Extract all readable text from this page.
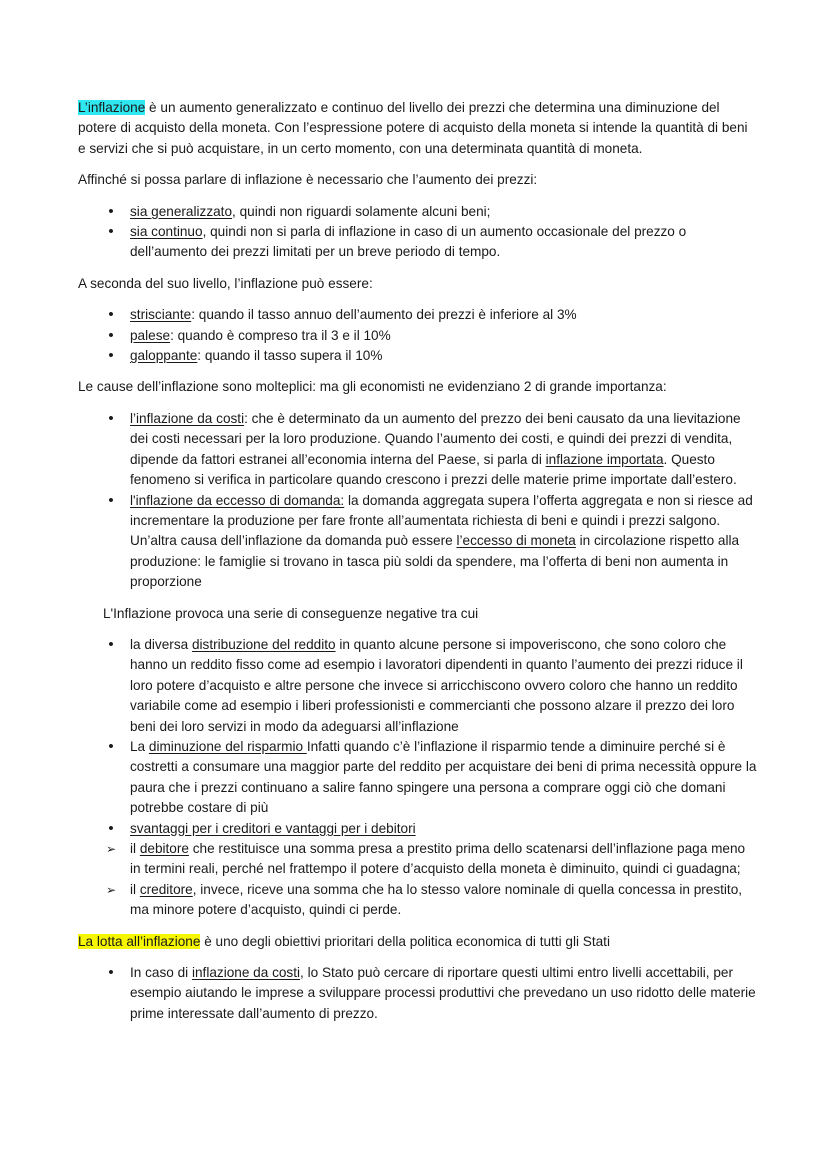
L’inflazione è un aumento generalizzato e continuo del livello dei prezzi che determina una diminuzione del potere di acquisto della moneta. Con l’espressione potere di acquisto della moneta si intende la quantità di beni e servizi che si può acquistare, in un certo momento, con una determinata quantità di moneta.

Affinché si possa parlare di inflazione è necessario che l’aumento dei prezzi:

•	sia generalizzato, quindi non riguardi solamente alcuni beni;
•	sia continuo, quindi non si parla di inflazione in caso di un aumento occasionale del prezzo o dell’aumento dei prezzi limitati per un breve periodo di tempo.

A seconda del suo livello, l’inflazione può essere:

•	strisciante: quando il tasso annuo dell’aumento dei prezzi è inferiore al 3%
•	palese: quando è compreso tra il 3 e il 10%
•	galoppante: quando il tasso supera il 10%

Le cause dell’inflazione sono molteplici: ma gli economisti ne evidenziano 2 di grande importanza:

•	l’inflazione da costi: che è determinato da un aumento del prezzo dei beni causato da una lievitazione dei costi necessari per la loro produzione. Quando l’aumento dei costi, e quindi dei prezzi di vendita, dipende da fattori estranei all’economia interna del Paese, si parla di inflazione importata. Questo fenomeno si verifica in particolare quando crescono i prezzi delle materie prime importate dall’estero.
•	l'inflazione da eccesso di domanda: la domanda aggregata supera l’offerta aggregata e non si riesce ad incrementare la produzione per fare fronte all’aumentata richiesta di beni e quindi i prezzi salgono. Un’altra causa dell’inflazione da domanda può essere l’eccesso di moneta in circolazione rispetto alla produzione: le famiglie si trovano in tasca più soldi da spendere, ma l’offerta di beni non aumenta in proporzione

L'Inflazione provoca una serie di conseguenze negative tra cui

•	la diversa distribuzione del reddito in quanto alcune persone si impoveriscono, che sono coloro che hanno un reddito fisso come ad esempio i lavoratori dipendenti in quanto l’aumento dei prezzi riduce il loro potere d’acquisto e altre persone che invece si arricchiscono ovvero coloro che hanno un reddito variabile come ad esempio i liberi professionisti e commercianti che possono alzare il prezzo dei loro beni dei loro servizi in modo da adeguarsi all’inflazione
•	La diminuzione del risparmio Infatti quando c’è l’inflazione il risparmio tende a diminuire perché si è costretti a consumare una maggior parte del reddito per acquistare dei beni di prima necessità oppure la paura che i prezzi continuano a salire fanno spingere una persona a comprare oggi ciò che domani potrebbe costare di più
•	svantaggi per i creditori e vantaggi per i debitori
➢ il debitore che restituisce una somma presa a prestito prima dello scatenarsi dell’inflazione paga meno in termini reali, perché nel frattempo il potere d’acquisto della moneta è diminuito, quindi ci guadagna;
➢ il creditore, invece, riceve una somma che ha lo stesso valore nominale di quella concessa in prestito, ma minore potere d’acquisto, quindi ci perde.

La lotta all’inflazione è uno degli obiettivi prioritari della politica economica di tutti gli Stati

•	In caso di inflazione da costi, lo Stato può cercare di riportare questi ultimi entro livelli accettabili, per esempio aiutando le imprese a sviluppare processi produttivi che prevedano un uso ridotto delle materie prime interessate dall’aumento di prezzo.
